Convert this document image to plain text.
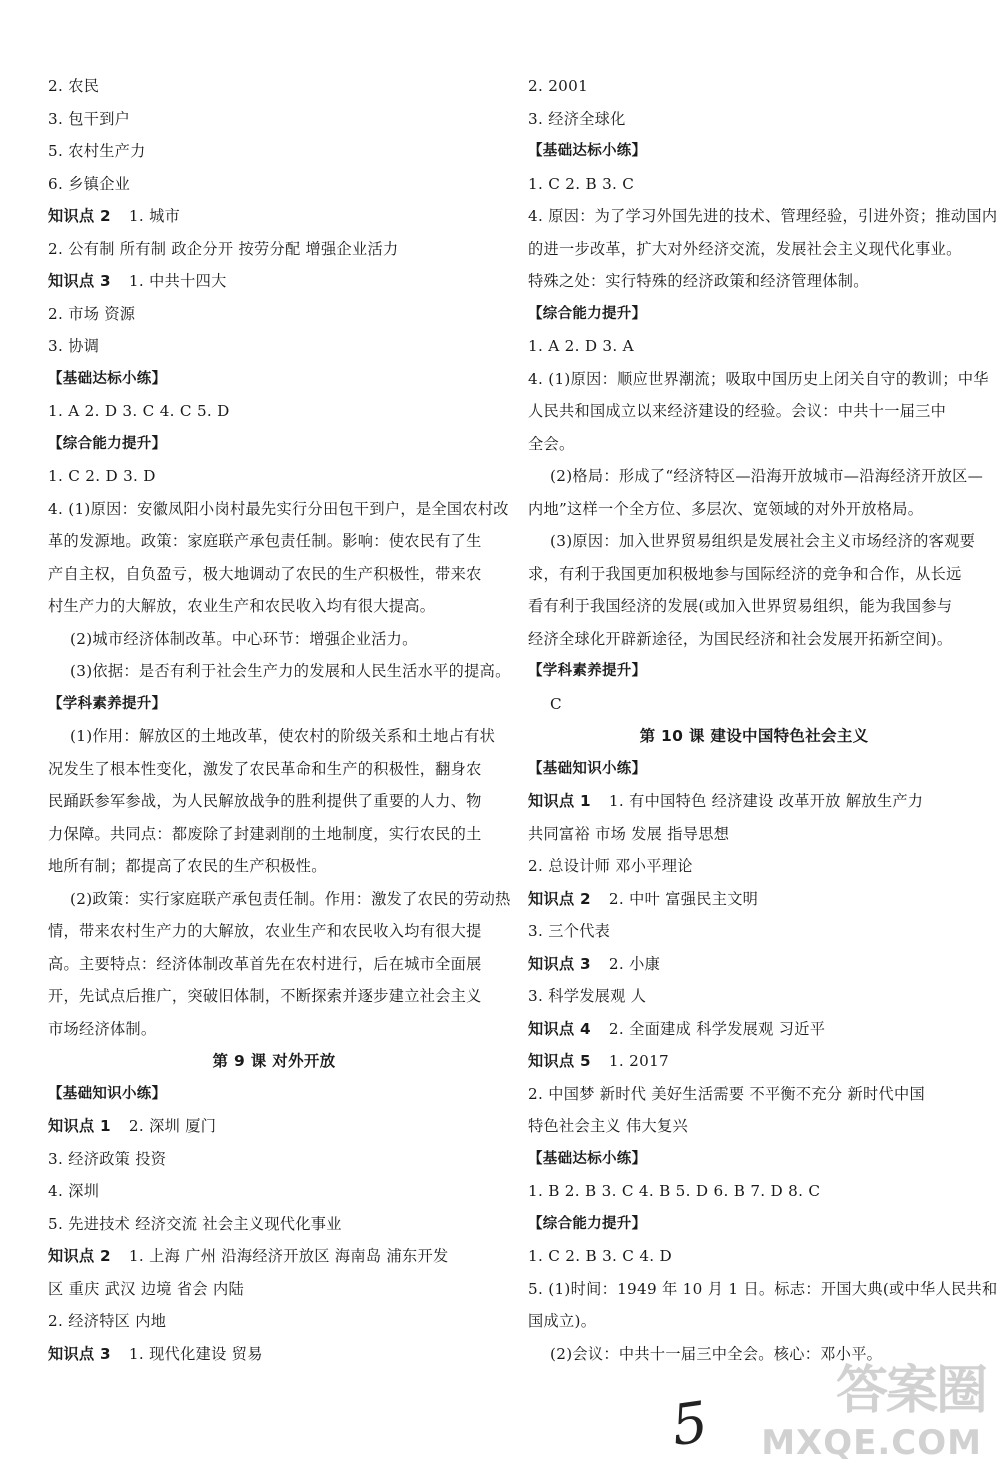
2. 农民
3. 包干到户
5. 农村生产力
6. 乡镇企业
知识点 2 1. 城市
2. 公有制 所有制 政企分开 按劳分配 增强企业活力
知识点 3 1. 中共十四大
2. 市场 资源
3. 协调
【基础达标小练】
1. A 2. D 3. C 4. C 5. D
【综合能力提升】
1. C 2. D 3. D
4. (1)原因：安徽凤阳小岗村最先实行分田包干到户，是全国农村改
革的发源地。政策：家庭联产承包责任制。影响：使农民有了生
产自主权，自负盈亏，极大地调动了农民的生产积极性，带来农
村生产力的大解放，农业生产和农民收入均有很大提高。
(2)城市经济体制改革。中心环节：增强企业活力。
(3)依据：是否有利于社会生产力的发展和人民生活水平的提高。
【学科素养提升】
(1)作用：解放区的土地改革，使农村的阶级关系和土地占有状
况发生了根本性变化，激发了农民革命和生产的积极性，翻身农
民踊跃参军参战，为人民解放战争的胜利提供了重要的人力、物
力保障。共同点：都废除了封建剥削的土地制度，实行农民的土
地所有制；都提高了农民的生产积极性。
(2)政策：实行家庭联产承包责任制。作用：激发了农民的劳动热
情，带来农村生产力的大解放，农业生产和农民收入均有很大提
高。主要特点：经济体制改革首先在农村进行，后在城市全面展
开，先试点后推广，突破旧体制，不断探索并逐步建立社会主义
市场经济体制。
第 9 课 对外开放
【基础知识小练】
知识点 1 2. 深圳 厦门
3. 经济政策 投资
4. 深圳
5. 先进技术 经济交流 社会主义现代化事业
知识点 2 1. 上海 广州 沿海经济开放区 海南岛 浦东开发
区 重庆 武汉 边境 省会 内陆
2. 经济特区 内地
知识点 3 1. 现代化建设 贸易
2. 2001
3. 经济全球化
【基础达标小练】
1. C 2. B 3. C
4. 原因：为了学习外国先进的技术、管理经验，引进外资；推动国内
的进一步改革，扩大对外经济交流，发展社会主义现代化事业。
特殊之处：实行特殊的经济政策和经济管理体制。
【综合能力提升】
1. A 2. D 3. A
4. (1)原因：顺应世界潮流；吸取中国历史上闭关自守的教训；中华
人民共和国成立以来经济建设的经验。会议：中共十一届三中
全会。
(2)格局：形成了“经济特区—沿海开放城市—沿海经济开放区—
内地”这样一个全方位、多层次、宽领域的对外开放格局。
(3)原因：加入世界贸易组织是发展社会主义市场经济的客观要
求，有利于我国更加积极地参与国际经济的竞争和合作，从长远
看有利于我国经济的发展(或加入世界贸易组织，能为我国参与
经济全球化开辟新途径，为国民经济和社会发展开拓新空间)。
【学科素养提升】
C
第 10 课 建设中国特色社会主义
【基础知识小练】
知识点 1 1. 有中国特色 经济建设 改革开放 解放生产力
共同富裕 市场 发展 指导思想
2. 总设计师 邓小平理论
知识点 2 2. 中叶 富强民主文明
3. 三个代表
知识点 3 2. 小康
3. 科学发展观 人
知识点 4 2. 全面建成 科学发展观 习近平
知识点 5 1. 2017
2. 中国梦 新时代 美好生活需要 不平衡不充分 新时代中国
特色社会主义 伟大复兴
【基础达标小练】
1. B 2. B 3. C 4. B 5. D 6. B 7. D 8. C
【综合能力提升】
1. C 2. B 3. C 4. D
5. (1)时间：1949 年 10 月 1 日。标志：开国大典(或中华人民共和
国成立)。
(2)会议：中共十一届三中全会。核心：邓小平。
5 答案圈
MXQE.COM
